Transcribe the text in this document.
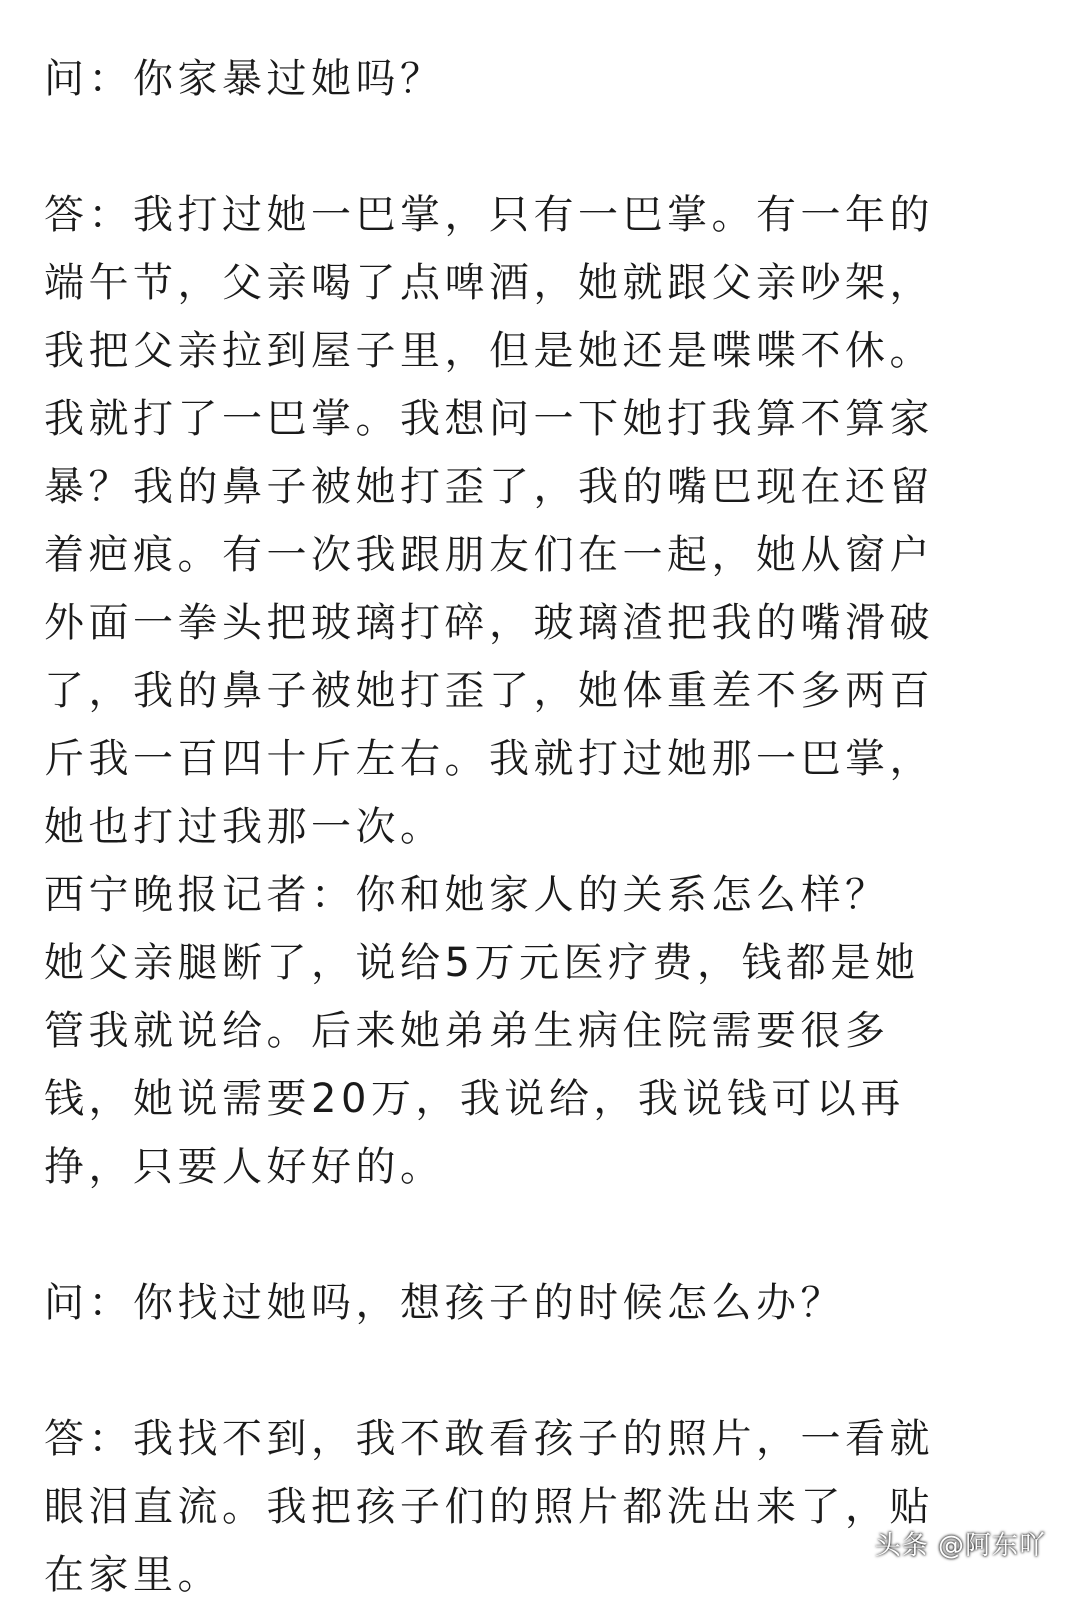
问：你家暴过她吗？

答：我打过她一巴掌，只有一巴掌。有一年的

端午节，父亲喝了点啤酒，她就跟父亲吵架，

我把父亲拉到屋子里，但是她还是喋喋不休。

我就打了一巴掌。我想问一下她打我算不算家

暴？我的鼻子被她打歪了，我的嘴巴现在还留

着疤痕。有一次我跟朋友们在一起，她从窗户

外面一拳头把玻璃打碎，玻璃渣把我的嘴滑破

了，我的鼻子被她打歪了，她体重差不多两百

斤我一百四十斤左右。我就打过她那一巴掌，

她也打过我那一次。

西宁晚报记者：你和她家人的关系怎么样？

她父亲腿断了，说给5万元医疗费，钱都是她

管我就说给。后来她弟弟生病住院需要很多

钱，她说需要20万，我说给，我说钱可以再

挣，只要人好好的。

问：你找过她吗，想孩子的时候怎么办？

答：我找不到，我不敢看孩子的照片，一看就

眼泪直流。我把孩子们的照片都洗出来了，贴

在家里。

头条 @阿东吖
